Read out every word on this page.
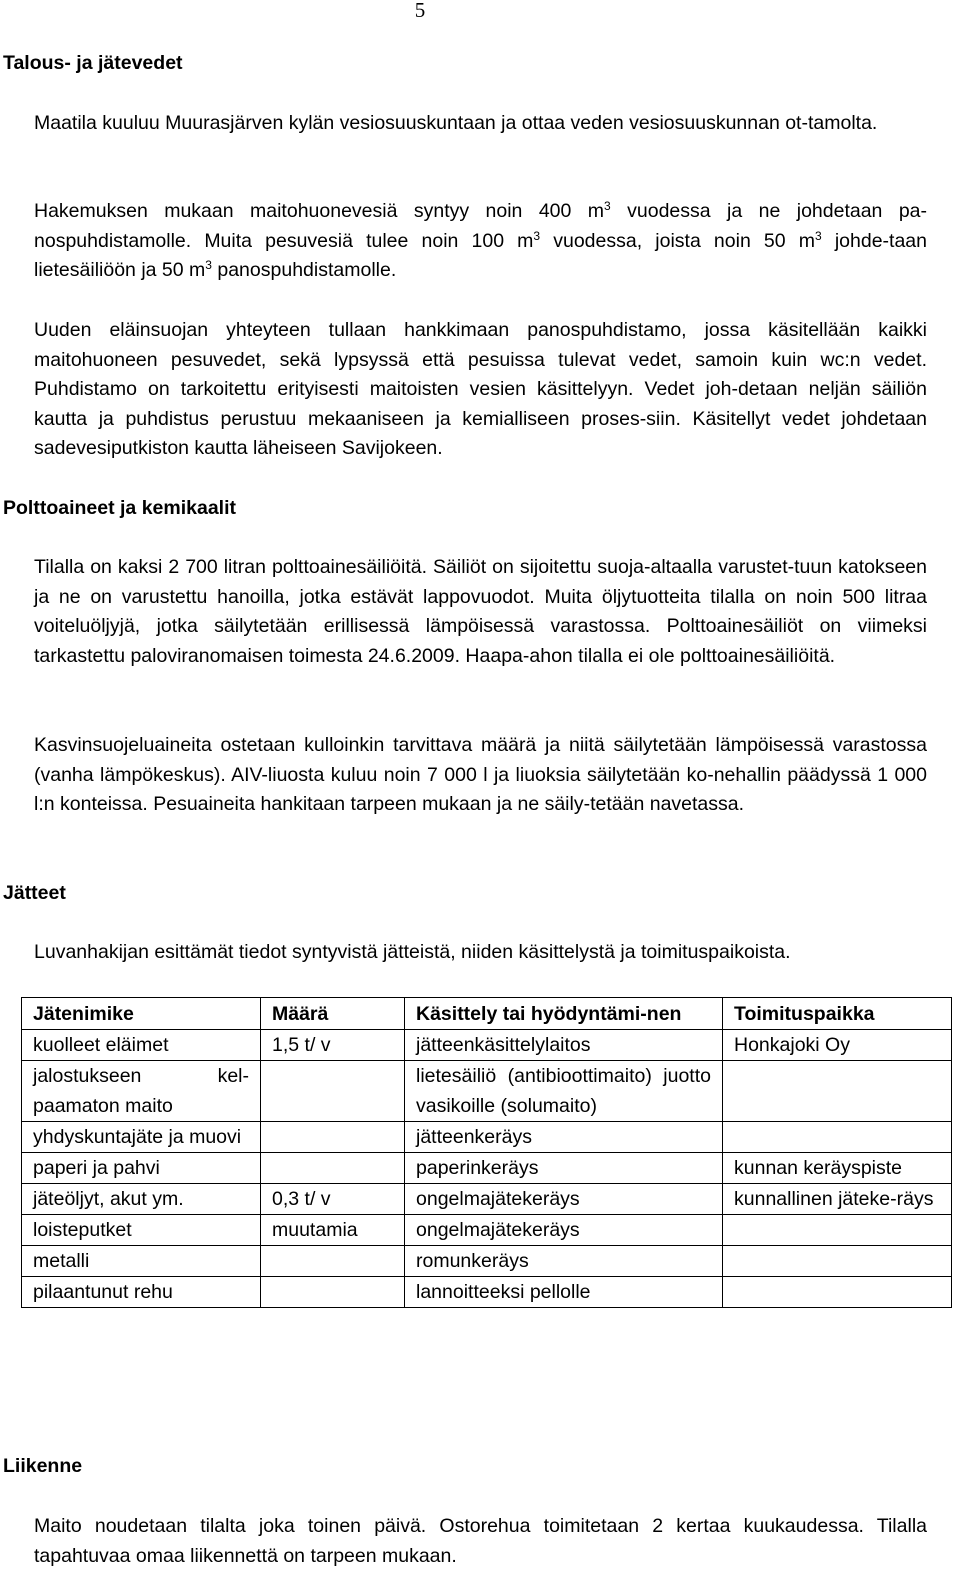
5
Talous- ja jätevedet

Maatila kuuluu Muurasjärven kylän vesiosuuskuntaan ja ottaa veden vesiosuuskunnan ot-tamolta.

Hakemuksen mukaan maitohuonevesiä syntyy noin 400 $m^3$ vuodessa ja ne johdetaan pa-nospuhdistamolle. Muita pesuvesiä tulee noin 100 $m^3$ vuodessa, joista noin 50 $m^3$ johde-taan lietesäiliöön ja 50 $m^3$ panospuhdistamolle.

Uuden eläinsuojan yhteyteen tullaan hankkimaan panospuhdistamo, jossa käsitellään kaikki maitohuoneen pesuvedet, sekä lypsyssä että pesuissa tulevat vedet, samoin kuin wc:n vedet. Puhdistamo on tarkoitettu erityisesti maitoisten vesien käsittelyyn. Vedet joh-detaan neljän säiliön kautta ja puhdistus perustuu mekaaniseen ja kemialliseen proses-siin. Käsitellyt vedet johdetaan sadevesiputkiston kautta läheiseen Savijokeen.

Polttoaineet ja kemikaalit

Tilalla on kaksi 2 700 litran polttoainesäiliöitä. Säiliöt on sijoitettu suoja-altaalla varustet-tuun katokseen ja ne on varustettu hanoilla, jotka estävät lappovuodot. Muita öljytuotteita tilalla on noin 500 litraa voiteluöljyjä, jotka säilytetään erillisessä lämpöisessä varastossa. Polttoainesäiliöt on viimeksi tarkastettu paloviranomaisen toimesta 24.6.2009. Haapa-ahon tilalla ei ole polttoainesäiliöitä.

Kasvinsuojeluaineita ostetaan kulloinkin tarvittava määrä ja niitä säilytetään lämpöisessä varastossa (vanha lämpökeskus). AIV-liuosta kuluu noin 7 000 l ja liuoksia säilytetään ko-nehallin päädyssä 1 000 l:n konteissa. Pesuaineita hankitaan tarpeen mukaan ja ne säily-tetään navetassa.

Jätteet

Luvanhakijan esittämät tiedot syntyvistä jätteistä, niiden käsittelystä ja toimituspaikoista.

Jätenimike	Määrä	Käsittely tai hyödyntämi-nen	Toimituspaikka
kuolleet eläimet	1,5 t/ v	jätteenkäsittelylaitos	Honkajoki Oy
jalostukseen kel-paamaton maito		lietesäiliö (antibioottimaito) juotto vasikoille (solumaito)	
yhdyskuntajäte ja muovi		jätteenkeräys	
paperi ja pahvi		paperinkeräys	kunnan keräyspiste
jäteöljyt, akut ym.	0,3 t/ v	ongelmajätekeräys	kunnallinen jäteke-räys
loisteputket	muutamia	ongelmajätekeräys	
metalli		romunkeräys	
pilaantunut rehu		lannoitteeksi pellolle	
Liikenne

Maito noudetaan tilalta joka toinen päivä. Ostorehua toimitetaan 2 kertaa kuukaudessa. Tilalla tapahtuvaa omaa liikennettä on tarpeen mukaan.
